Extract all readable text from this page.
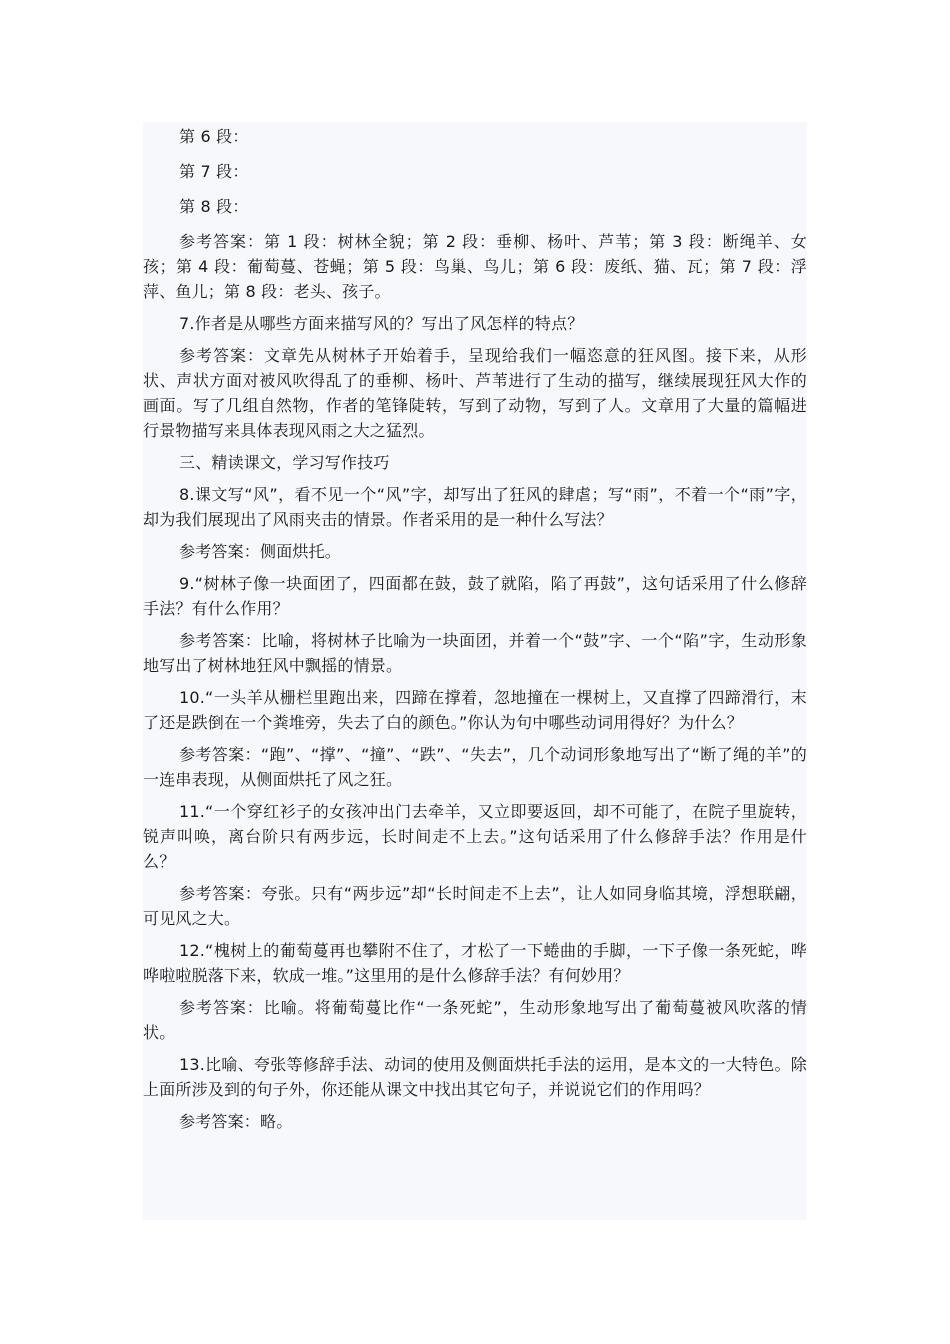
第 6 段：

第 7 段：

第 8 段：

参考答案：第 1 段：树林全貌；第 2 段：垂柳、杨叶、芦苇；第 3 段：断绳羊、女孩；第 4 段：葡萄蔓、苍蝇；第 5 段：鸟巢、鸟儿；第 6 段：废纸、猫、瓦；第 7 段：浮萍、鱼儿；第 8 段：老头、孩子。

7.作者是从哪些方面来描写风的？写出了风怎样的特点？

参考答案：文章先从树林子开始着手，呈现给我们一幅恣意的狂风图。接下来，从形状、声状方面对被风吹得乱了的垂柳、杨叶、芦苇进行了生动的描写，继续展现狂风大作的画面。写了几组自然物，作者的笔锋陡转，写到了动物，写到了人。文章用了大量的篇幅进行景物描写来具体表现风雨之大之猛烈。

三、精读课文，学习写作技巧

8.课文写“风”，看不见一个“风”字，却写出了狂风的肆虐；写“雨”，不着一个“雨”字，却为我们展现出了风雨夹击的情景。作者采用的是一种什么写法？

参考答案：侧面烘托。

9.“树林子像一块面团了，四面都在鼓，鼓了就陷，陷了再鼓”，这句话采用了什么修辞手法？有什么作用？

参考答案：比喻，将树林子比喻为一块面团，并着一个“鼓”字、一个“陷”字，生动形象地写出了树林地狂风中飘摇的情景。

10.“一头羊从栅栏里跑出来，四蹄在撑着，忽地撞在一棵树上，又直撑了四蹄滑行，末了还是跌倒在一个粪堆旁，失去了白的颜色。”你认为句中哪些动词用得好？为什么？

参考答案：“跑”、“撑”、“撞”、“跌”、“失去”，几个动词形象地写出了“断了绳的羊”的一连串表现，从侧面烘托了风之狂。

11.“一个穿红衫子的女孩冲出门去牵羊，又立即要返回，却不可能了，在院子里旋转，锐声叫唤，离台阶只有两步远，长时间走不上去。”这句话采用了什么修辞手法？作用是什么？

参考答案：夸张。只有“两步远”却“长时间走不上去”，让人如同身临其境，浮想联翩，可见风之大。

12.“槐树上的葡萄蔓再也攀附不住了，才松了一下蜷曲的手脚，一下子像一条死蛇，哗哗啦啦脱落下来，软成一堆。”这里用的是什么修辞手法？有何妙用？

参考答案：比喻。将葡萄蔓比作“一条死蛇”，生动形象地写出了葡萄蔓被风吹落的情状。

13.比喻、夸张等修辞手法、动词的使用及侧面烘托手法的运用，是本文的一大特色。除上面所涉及到的句子外，你还能从课文中找出其它句子，并说说它们的作用吗？

参考答案：略。
